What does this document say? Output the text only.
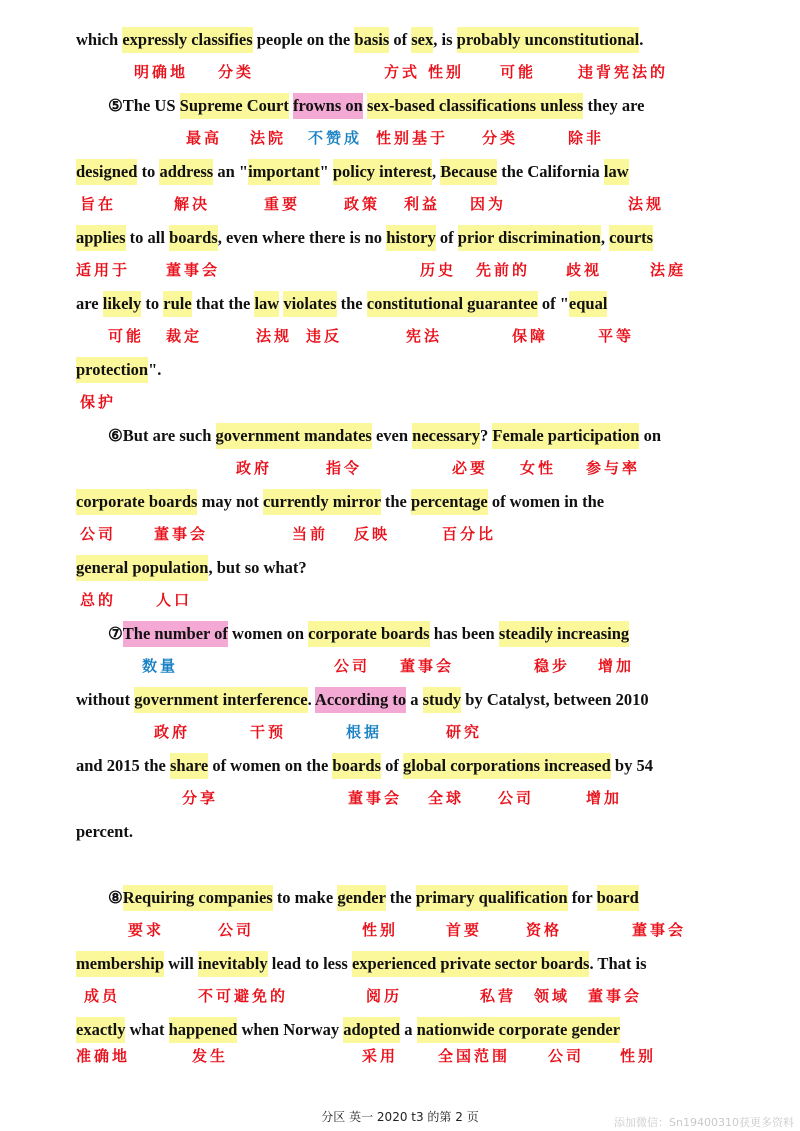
which expressly classifies people on the basis of sex, is probably unconstitutional.

⑤The US Supreme Court frowns on sex-based classifications unless they are

designed to address an "important" policy interest, Because the California law

applies to all boards, even where there is no history of prior discrimination, courts

are likely to rule that the law violates the constitutional guarantee of "equal

protection".

⑥But are such government mandates even necessary? Female participation on

corporate boards may not currently mirror the percentage of women in the

general population, but so what?

⑦The number of women on corporate boards has been steadily increasing

without government interference. According to a study by Catalyst, between 2010

and 2015 the share of women on the boards of global corporations increased by 54

percent.

⑧Requiring companies to make gender the primary qualification for board

membership will inevitably lead to less experienced private sector boards. That is

exactly what happened when Norway adopted a nationwide corporate gender

明确地 分类	方式 性别 可能	违背宪法的
最高 法院 不赞成 性别基于 分类	除非
旨在	解决	重要	政策 利益 因为	法规
适用于 董事会	历史 先前的 歧视	法庭
可能 裁定	法规 违反	宪法	保障	平等
保护
政府	指令	必要 女性 参与率
公司	董事会	当前 反映	百分比
总的	人口
数量	公司 董事会	稳步 增加
政府	干预	根据	研究
分享	董事会 全球 公司	增加
要求	公司	性别	首要	资格	董事会
成员	不可避免的	阅历	私营 领域 董事会
准确地	发生	采用	全国范围	公司 性别
分区 英一 2020 t3 的第 2 页	添加微信：Sn19400310获更多资料
